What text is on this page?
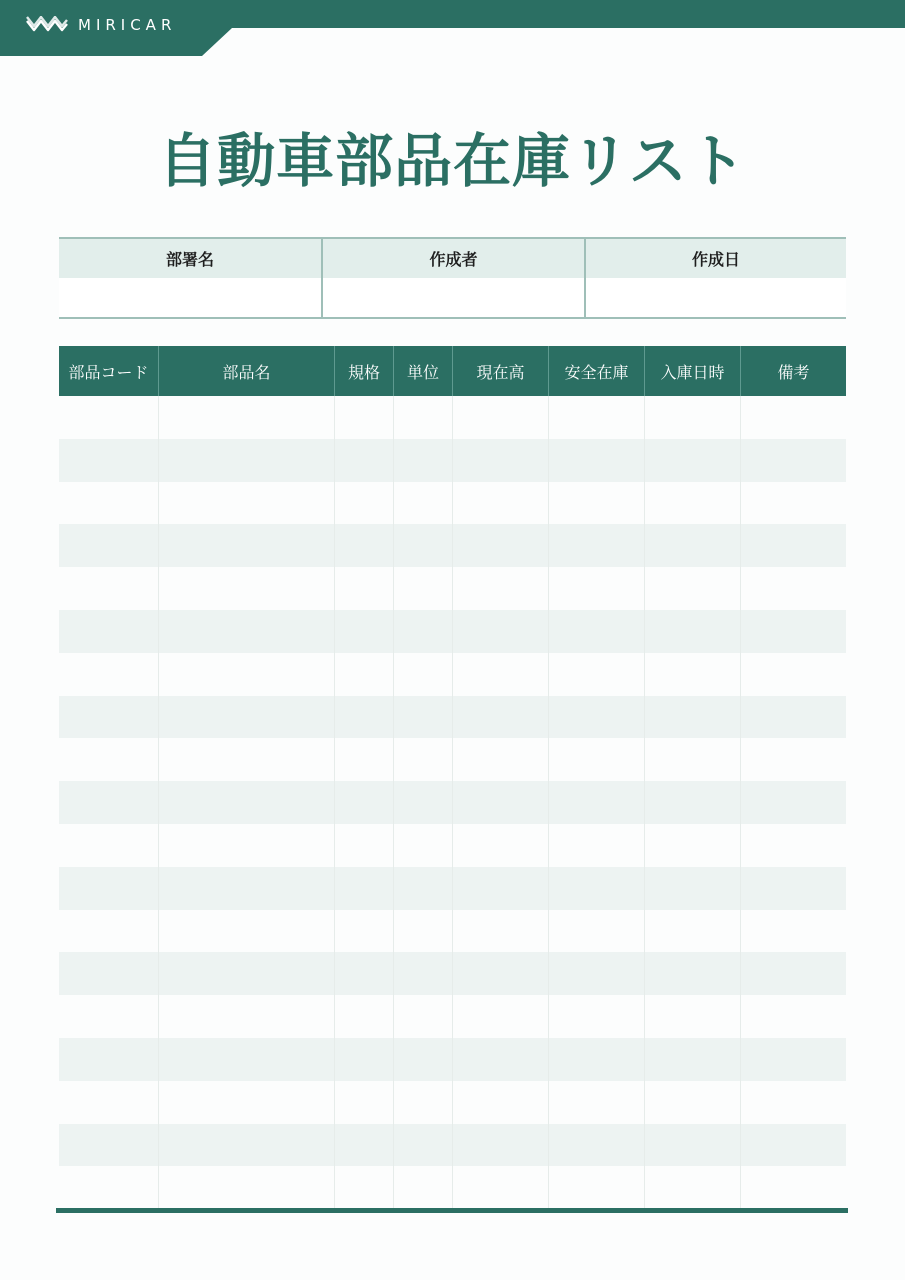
MIRICAR
自動車部品在庫リスト
部署名	作成者	作成日
部品コード	部品名	規格	単位	現在高	安全在庫	入庫日時	備考
